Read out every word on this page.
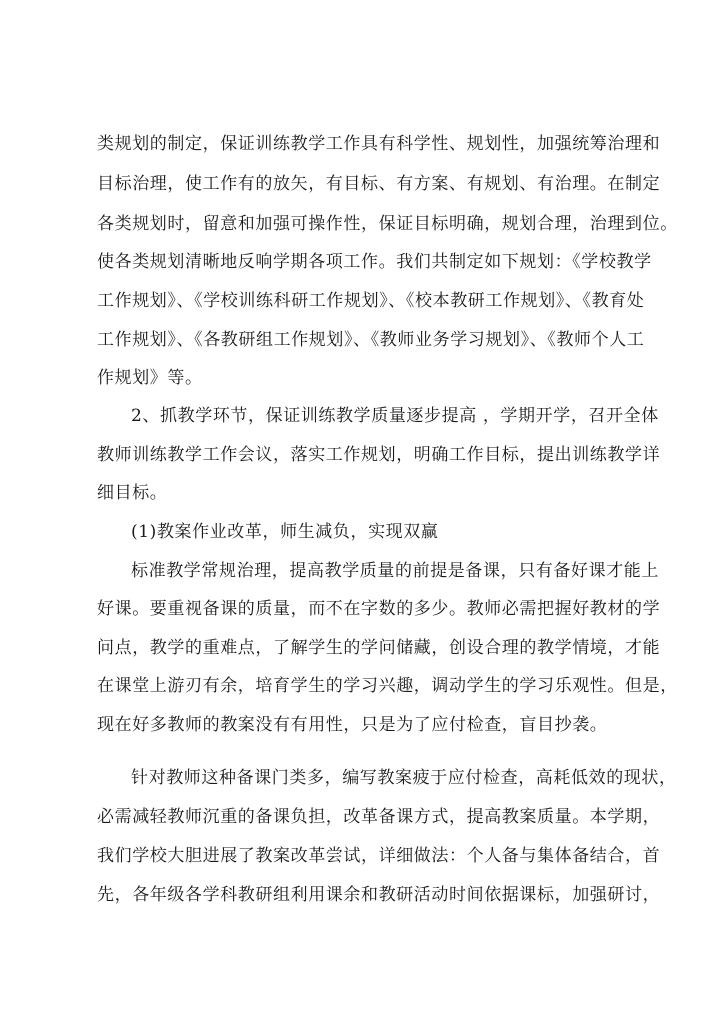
类规划的制定，保证训练教学工作具有科学性、规划性，加强统筹治理和
目标治理，使工作有的放矢，有目标、有方案、有规划、有治理。在制定
各类规划时，留意和加强可操作性，保证目标明确，规划合理，治理到位。
使各类规划清晰地反响学期各项工作。我们共制定如下规划：《学校教学
工作规划》、《学校训练科研工作规划》、《校本教研工作规划》、《教育处
工作规划》、《各教研组工作规划》、《教师业务学习规划》、《教师个人工
作规划》等。
2、抓教学环节，保证训练教学质量逐步提高 ，学期开学，召开全体
教师训练教学工作会议，落实工作规划，明确工作目标，提出训练教学详
细目标。
(1)教案作业改革，师生减负，实现双赢
标准教学常规治理，提高教学质量的前提是备课，只有备好课才能上
好课。要重视备课的质量，而不在字数的多少。教师必需把握好教材的学
问点，教学的重难点，了解学生的学问储藏，创设合理的教学情境，才能
在课堂上游刃有余，培育学生的学习兴趣，调动学生的学习乐观性。但是，
现在好多教师的教案没有有用性，只是为了应付检查，盲目抄袭。
针对教师这种备课门类多，编写教案疲于应付检查，高耗低效的现状，
必需减轻教师沉重的备课负担，改革备课方式，提高教案质量。本学期，
我们学校大胆进展了教案改革尝试，详细做法：个人备与集体备结合，首
先，各年级各学科教研组利用课余和教研活动时间依据课标，加强研讨，
